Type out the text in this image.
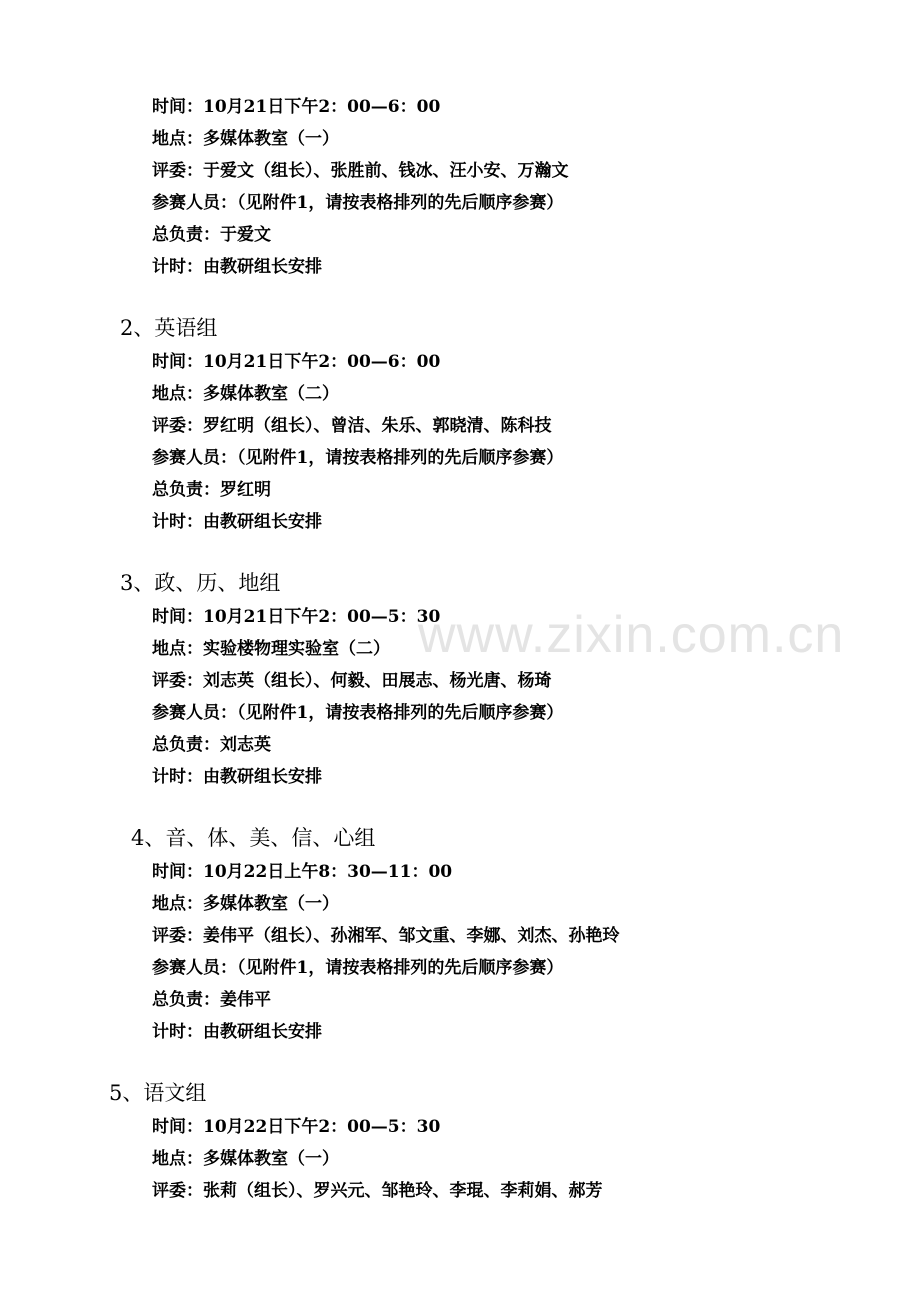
www.zixin.com.cn
时间：10月21日下午2：00—6：00
地点：多媒体教室（一）
评委：于爱文（组长）、张胜前、钱冰、汪小安、万瀚文
参赛人员：（见附件1，请按表格排列的先后顺序参赛）
总负责：于爱文
计时：由教研组长安排
2、英语组
时间：10月21日下午2：00—6：00
地点：多媒体教室（二）
评委：罗红明（组长）、曾洁、朱乐、郭晓清、陈科技
参赛人员：（见附件1，请按表格排列的先后顺序参赛）
总负责：罗红明
计时：由教研组长安排
3、政、历、地组
时间：10月21日下午2：00—5：30
地点：实验楼物理实验室（二）
评委：刘志英（组长）、何毅、田展志、杨光唐、杨琦
参赛人员：（见附件1，请按表格排列的先后顺序参赛）
总负责：刘志英
计时：由教研组长安排
4、音、体、美、信、心组
时间：10月22日上午8：30—11：00
地点：多媒体教室（一）
评委：姜伟平（组长）、孙湘军、邹文重、李娜、刘杰、孙艳玲
参赛人员：（见附件1，请按表格排列的先后顺序参赛）
总负责：姜伟平
计时：由教研组长安排
5、语文组
时间：10月22日下午2：00—5：30
地点：多媒体教室（一）
评委：张莉（组长）、罗兴元、邹艳玲、李琨、李莉娟、郝芳
